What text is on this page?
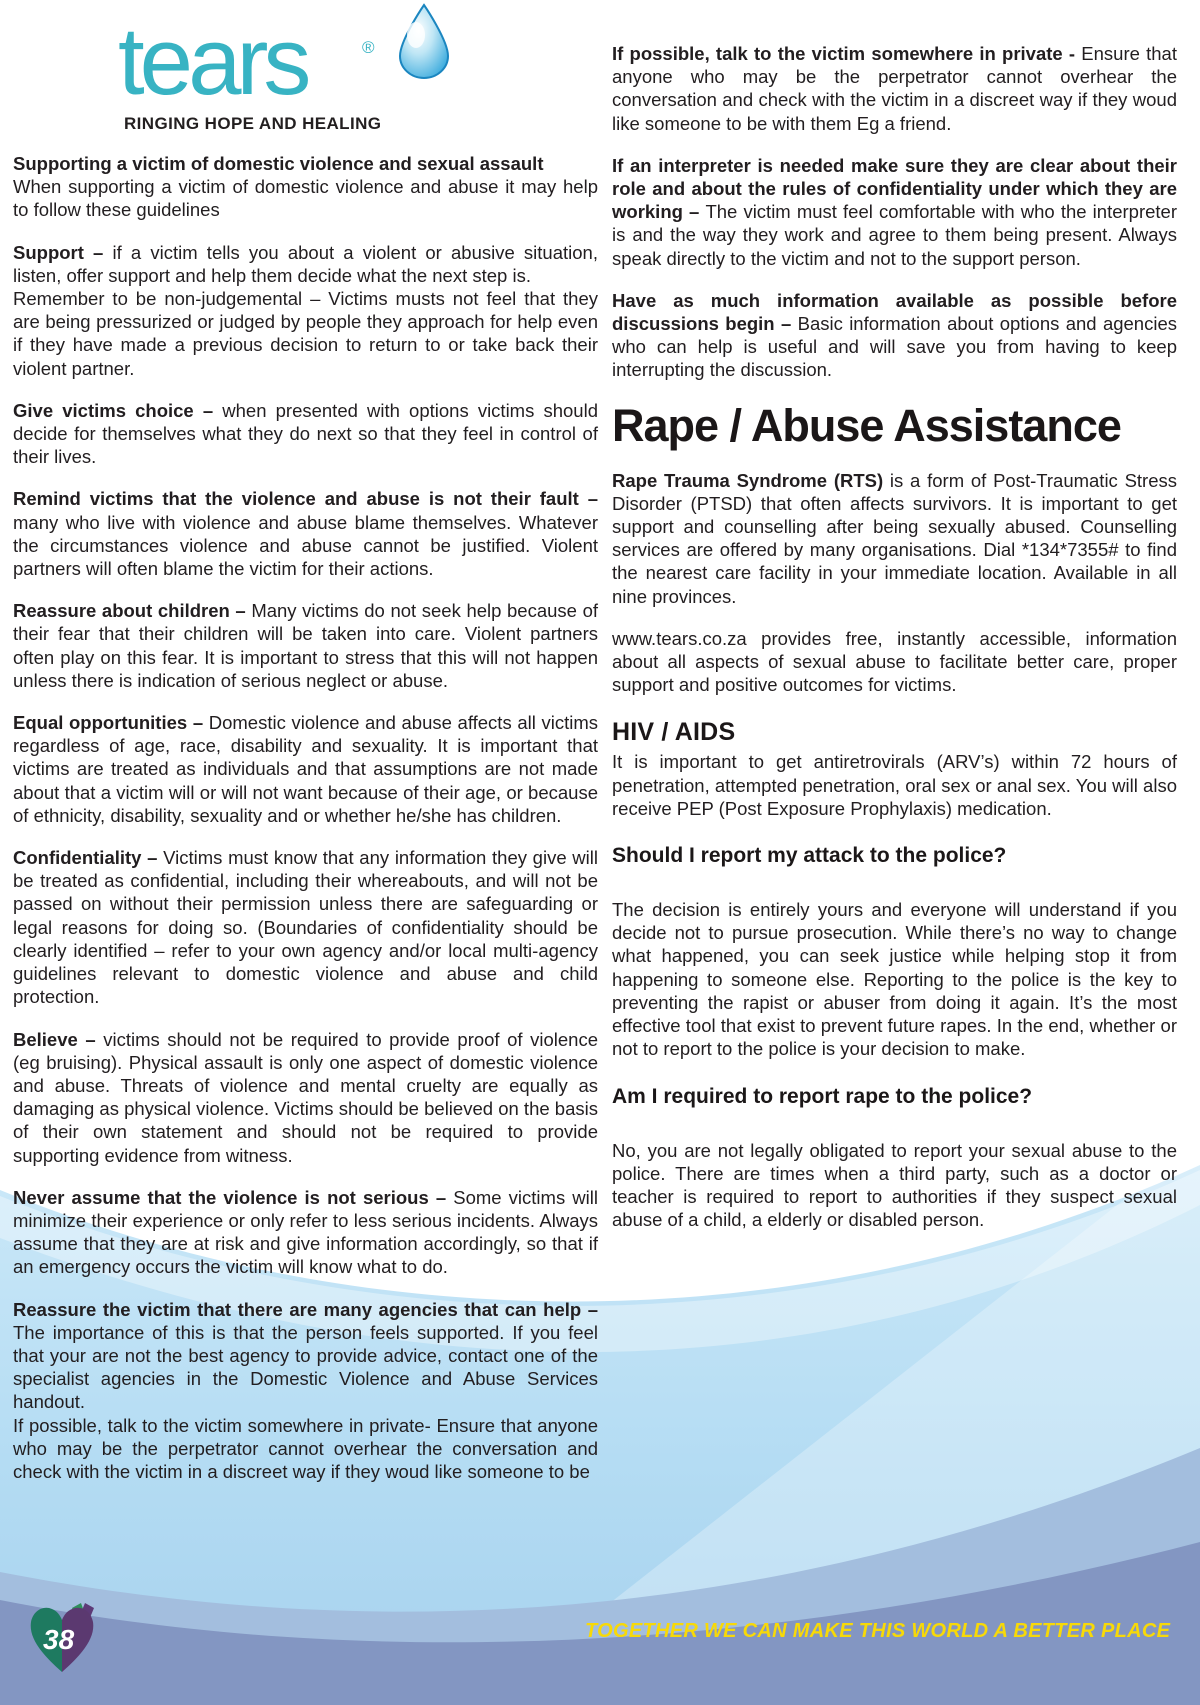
tears	®
RINGING HOPE AND HEALING

Supporting a victim of domestic violence and sexual assault

When supporting a victim of domestic violence and abuse it may help to follow these guidelines

Support – if a victim tells you about a violent or abusive situation, listen, offer support and help them decide what the next step is.

Remember to be non-judgemental – Victims musts not feel that they are being pressurized or judged by people they approach for help even if they have made a previous decision to return to or take back their violent partner.

Give victims choice – when presented with options victims should decide for themselves what they do next so that they feel in control of their lives.

Remind victims that the violence and abuse is not their fault – many who live with violence and abuse blame themselves. Whatever the circumstances violence and abuse cannot be justified. Violent partners will often blame the victim for their actions.

Reassure about children – Many victims do not seek help because of their fear that their children will be taken into care. Violent partners often play on this fear. It is important to stress that this will not happen unless there is indication of serious neglect or abuse.

Equal opportunities – Domestic violence and abuse affects all victims regardless of age, race, disability and sexuality. It is important that victims are treated as individuals and that assumptions are not made about that a victim will or will not want because of their age, or because of ethnicity, disability, sexuality and or whether he/she has children.

Confidentiality – Victims must know that any information they give will be treated as confidential, including their whereabouts, and will not be passed on without their permission unless there are safeguarding or legal reasons for doing so. (Boundaries of confidentiality should be clearly identified – refer to your own agency and/or local multi-agency guidelines relevant to domestic violence and abuse and child protection.

Believe – victims should not be required to provide proof of violence (eg bruising). Physical assault is only one aspect of domestic violence and abuse. Threats of violence and mental cruelty are equally as damaging as physical violence. Victims should be believed on the basis of their own statement and should not be required to provide supporting evidence from witness.

Never assume that the violence is not serious – Some victims will minimize their experience or only refer to less serious incidents. Always assume that they are at risk and give information accordingly, so that if an emergency occurs the victim will know what to do.

Reassure the victim that there are many agencies that can help – The importance of this is that the person feels supported. If you feel that your are not the best agency to provide advice, contact one of the specialist agencies in the Domestic Violence and Abuse Services handout.

If possible, talk to the victim somewhere in private- Ensure that anyone who may be the perpetrator cannot overhear the conversation and check with the victim in a discreet way if they woud like someone to be

If possible, talk to the victim somewhere in private - Ensure that anyone who may be the perpetrator cannot overhear the conversation and check with the victim in a discreet way if they woud like someone to be with them Eg a friend.

If an interpreter is needed make sure they are clear about their role and about the rules of confidentiality under which they are working – The victim must feel comfortable with who the interpreter is and the way they work and agree to them being present. Always speak directly to the victim and not to the support person.

Have as much information available as possible before discussions begin – Basic information about options and agencies who can help is useful and will save you from having to keep interrupting the discussion.

Rape / Abuse Assistance

Rape Trauma Syndrome (RTS) is a form of Post-Traumatic Stress Disorder (PTSD) that often affects survivors. It is important to get support and counselling after being sexually abused. Counselling services are offered by many organisations. Dial *134*7355# to find the nearest care facility in your immediate location. Available in all nine provinces.

www.tears.co.za provides free, instantly accessible, information about all aspects of sexual abuse to facilitate better care, proper support and positive outcomes for victims.

HIV / AIDS

It is important to get antiretrovirals (ARV’s) within 72 hours of penetration, attempted penetration, oral sex or anal sex. You will also receive PEP (Post Exposure Prophylaxis) medication.

Should I report my attack to the police?

The decision is entirely yours and everyone will understand if you decide not to pursue prosecution. While there’s no way to change what happened, you can seek justice while helping stop it from happening to someone else. Reporting to the police is the key to preventing the rapist or abuser from doing it again. It’s the most effective tool that exist to prevent future rapes. In the end, whether or not to report to the police is your decision to make.

Am I required to report rape to the police?

No, you are not legally obligated to report your sexual abuse to the police. There are times when a third party, such as a doctor or teacher is required to report to authorities if they suspect sexual abuse of a child, a elderly or disabled person.

38	TOGETHER WE CAN MAKE THIS WORLD A BETTER PLACE
